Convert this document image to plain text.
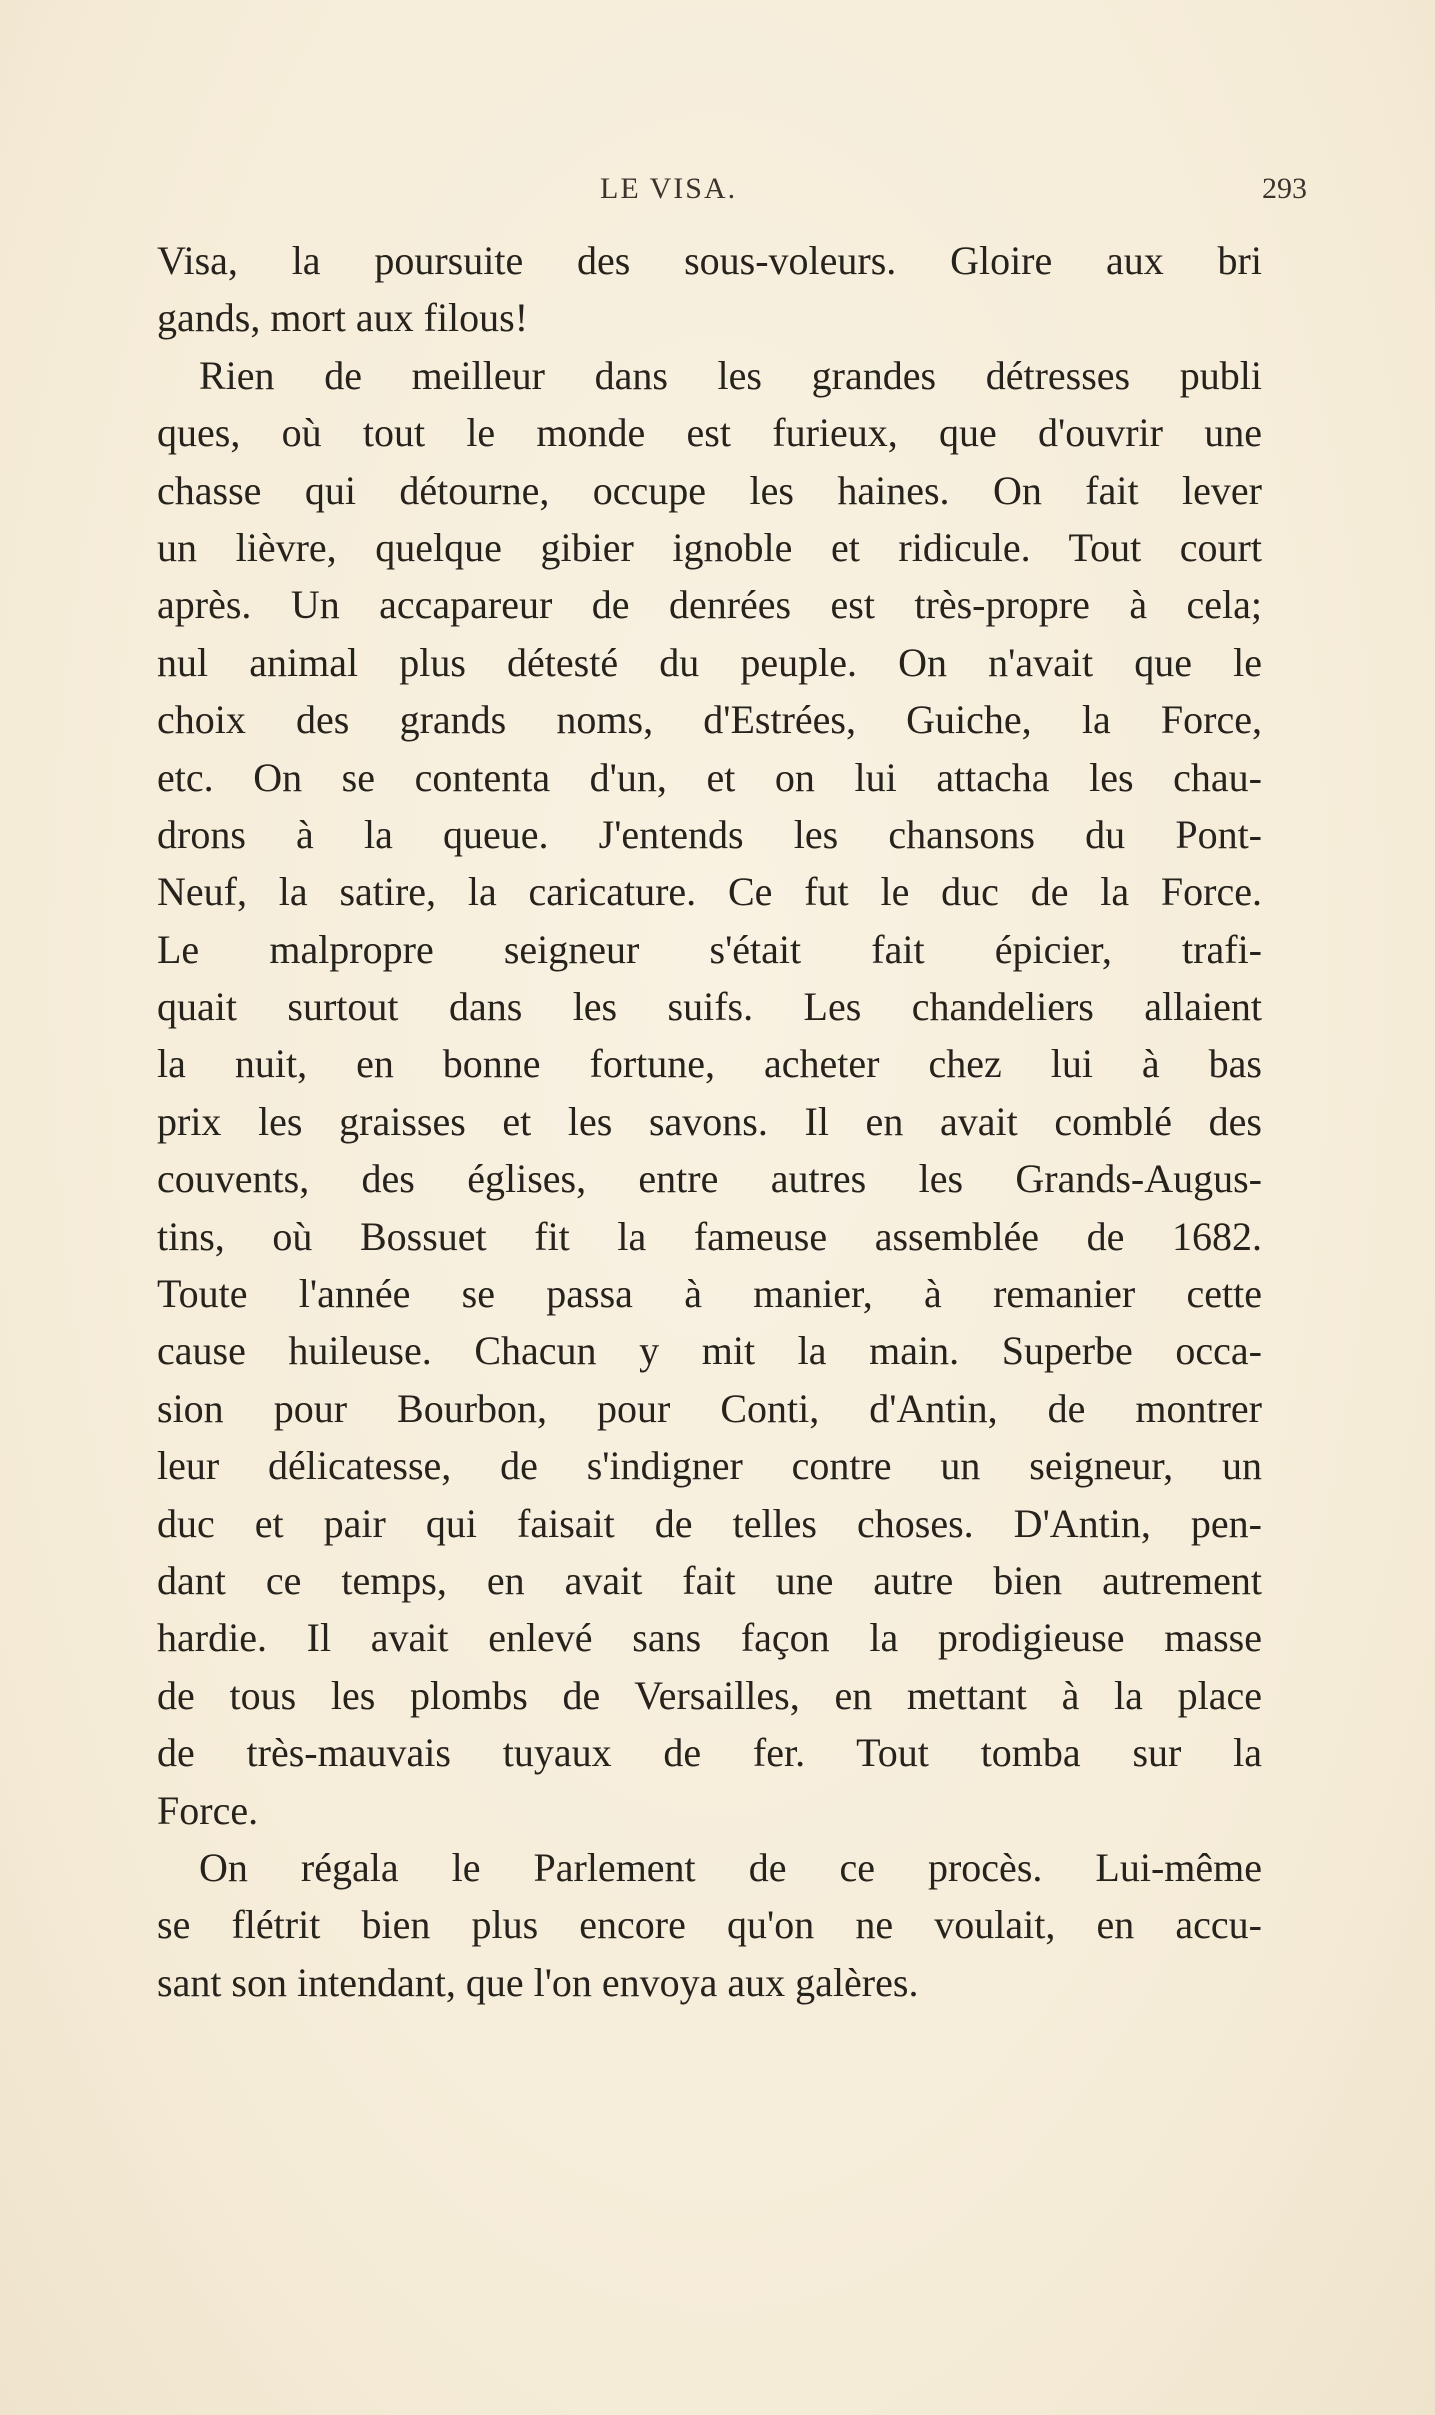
LE VISA.	293
Visa, la poursuite des sous-voleurs. Gloire aux bri
gands, mort aux filous!
Rien de meilleur dans les grandes détresses publi
ques, où tout le monde est furieux, que d'ouvrir une
chasse qui détourne, occupe les haines. On fait lever
un lièvre, quelque gibier ignoble et ridicule. Tout court
après. Un accapareur de denrées est très-propre à cela;
nul animal plus détesté du peuple. On n'avait que le
choix des grands noms, d'Estrées, Guiche, la Force,
etc. On se contenta d'un, et on lui attacha les chau-
drons à la queue. J'entends les chansons du Pont-
Neuf, la satire, la caricature. Ce fut le duc de la Force.
Le malpropre seigneur s'était fait épicier, trafi-
quait surtout dans les suifs. Les chandeliers allaient
la nuit, en bonne fortune, acheter chez lui à bas
prix les graisses et les savons. Il en avait comblé des
couvents, des églises, entre autres les Grands-Augus-
tins, où Bossuet fit la fameuse assemblée de 1682.
Toute l'année se passa à manier, à remanier cette
cause huileuse. Chacun y mit la main. Superbe occa-
sion pour Bourbon, pour Conti, d'Antin, de montrer
leur délicatesse, de s'indigner contre un seigneur, un
duc et pair qui faisait de telles choses. D'Antin, pen-
dant ce temps, en avait fait une autre bien autrement
hardie. Il avait enlevé sans façon la prodigieuse masse
de tous les plombs de Versailles, en mettant à la place
de très-mauvais tuyaux de fer. Tout tomba sur la
Force.
On régala le Parlement de ce procès. Lui-même
se flétrit bien plus encore qu'on ne voulait, en accu-
sant son intendant, que l'on envoya aux galères.
